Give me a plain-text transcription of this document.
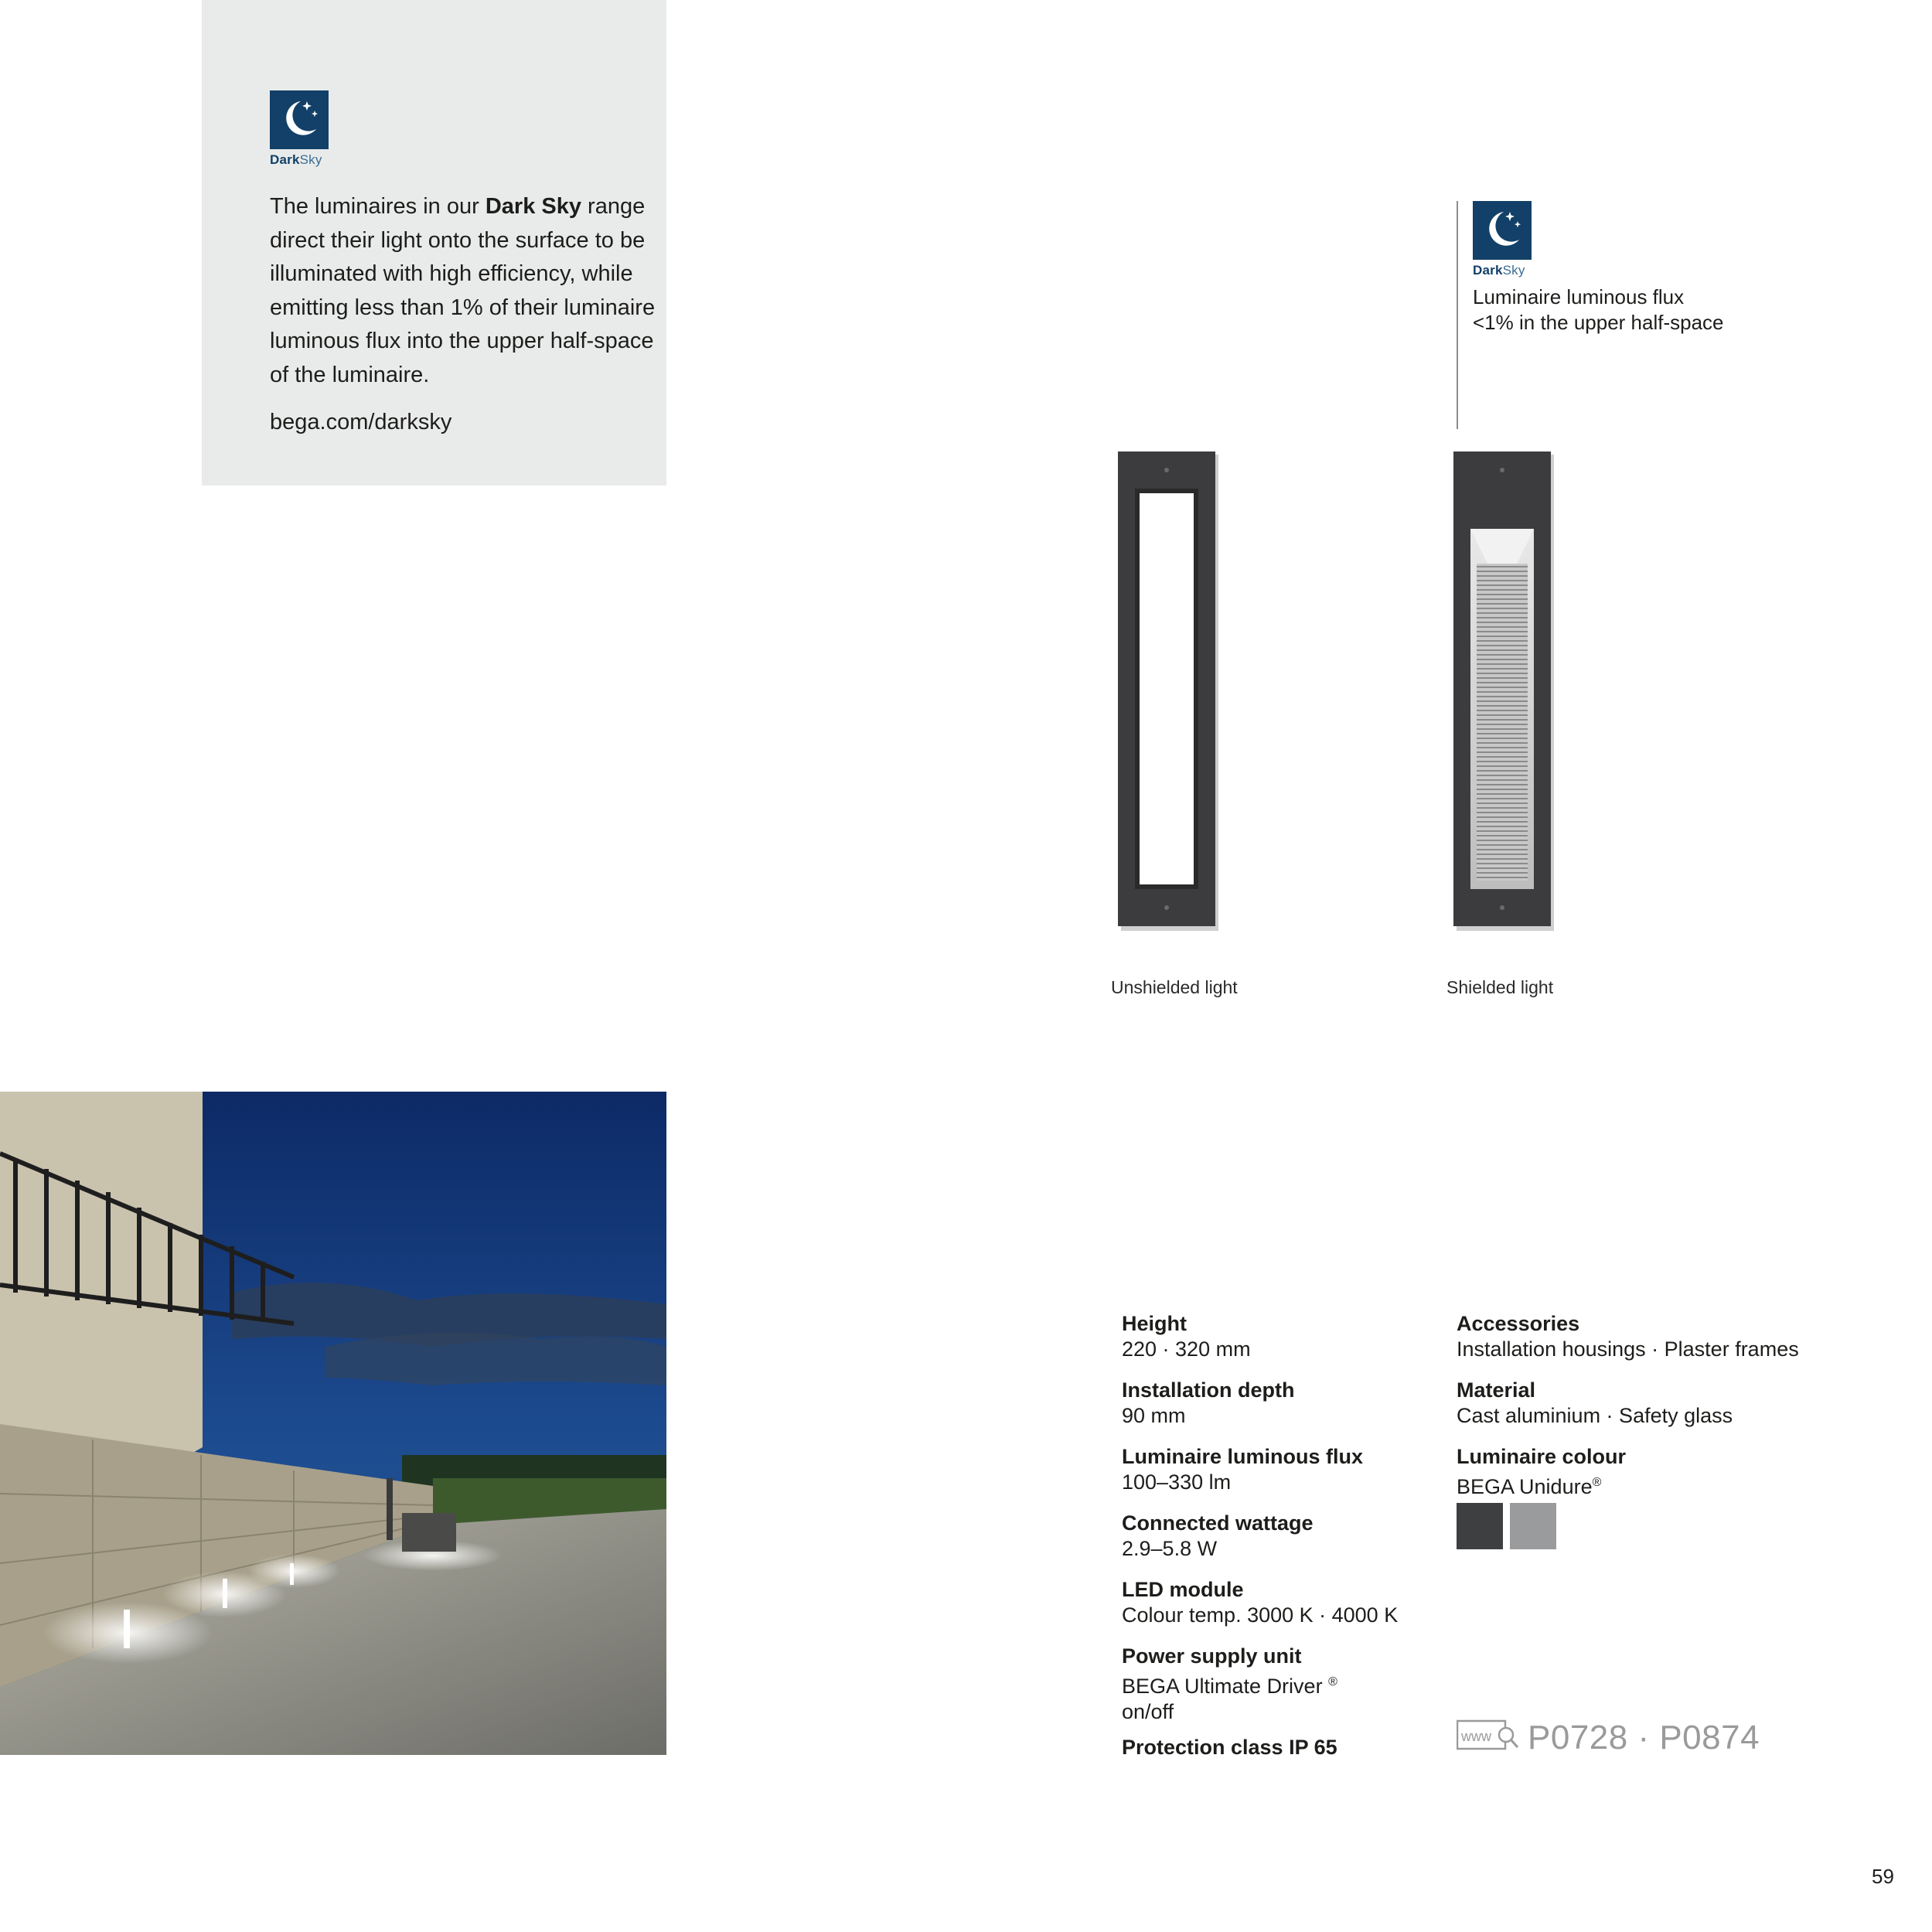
DarkSky
The luminaires in our Dark Sky range direct their light onto the surface to be illuminated with high efficiency, while emitting less than 1% of their luminaire luminous flux into the upper half-space of the luminaire.
bega.com/darksky
DarkSky
Luminaire luminous flux
<1% in the upper half-space
Unshielded light	Shielded light
Height
220 · 320 mm
Installation depth
90 mm
Luminaire luminous flux
100–330 lm
Connected wattage
2.9–5.8 W
LED module
Colour temp. 3000 K · 4000 K
Power supply unit
BEGA Ultimate Driver ®
on/off
Protection class IP 65
Accessories
Installation housings · Plaster frames
Material
Cast aluminium · Safety glass
Luminaire colour
BEGA Unidure®
www P0728 · P0874
59
